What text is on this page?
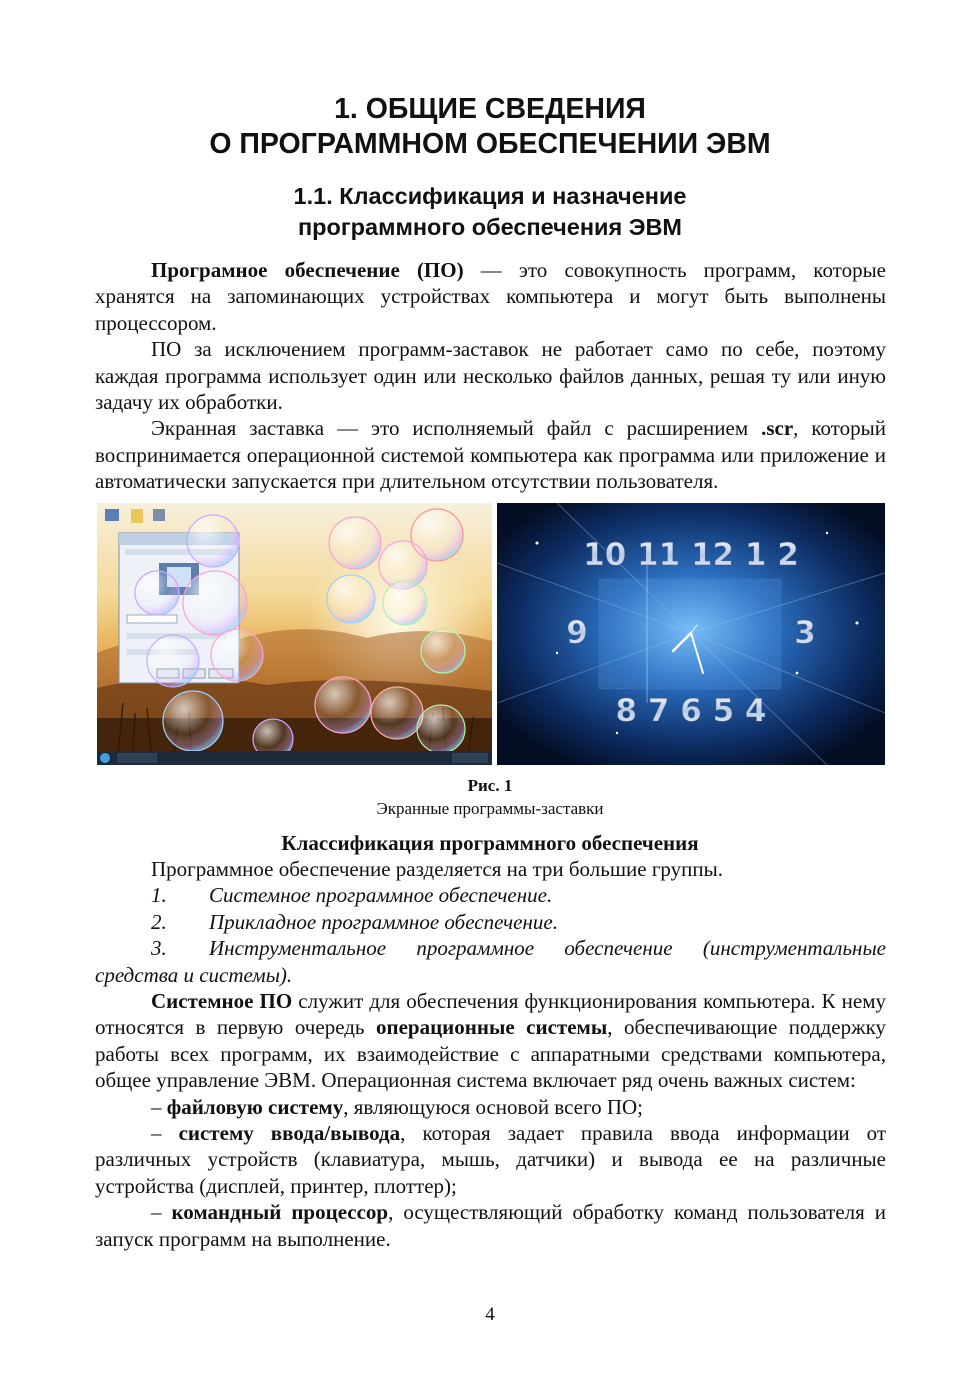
1. ОБЩИЕ СВЕДЕНИЯ
О ПРОГРАММНОМ ОБЕСПЕЧЕНИИ ЭВМ
1.1. Классификация и назначение
программного обеспечения ЭВМ

Програмное обеспечение (ПО) — это совокупность программ, которые хранятся на запоминающих устройствах компьютера и могут быть выполнены процессором.

ПО за исключением программ-заставок не работает само по себе, поэтому каждая программа использует один или несколько файлов данных, решая ту или иную задачу их обработки.

Экранная заставка — это исполняемый файл с расширением .scr, который воспринимается операционной системой компьютера как программа или приложение и автоматически запускается при длительном отсутствии пользователя.

10 11 12 1 2
9	3
8 7 6 5 4
Рис. 1
Экранные программы-заставки
Классификация программного обеспечения

Программное обеспечение разделяется на три большие группы.

1. Системное программное обеспечение.

2. Прикладное программное обеспечение.

3. Инструментальное программное обеспечение (инструментальные средства и системы).

Системное ПО служит для обеспечения функционирования компьютера. К нему относятся в первую очередь операционные системы, обеспечивающие поддержку работы всех программ, их взаимодействие с аппаратными средствами компьютера, общее управление ЭВМ. Операционная система включает ряд очень важных систем:

– файловую систему, являющуюся основой всего ПО;

– систему ввода/вывода, которая задает правила ввода информации от различных устройств (клавиатура, мышь, датчики) и вывода ее на различные устройства (дисплей, принтер, плоттер);

– командный процессор, осуществляющий обработку команд пользователя и запуск программ на выполнение.

4
